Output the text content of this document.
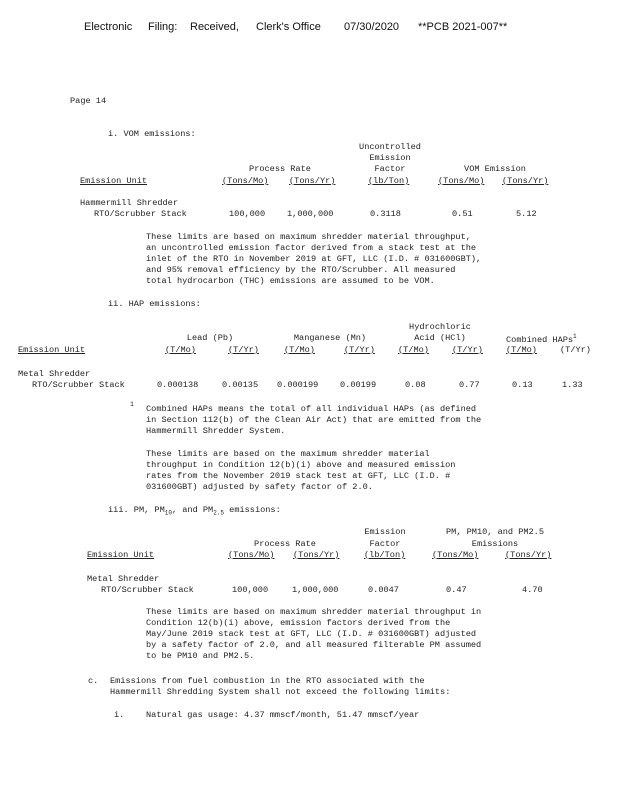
Electronic Filing: Received, Clerk's Office 07/30/2020 **PCB 2021-007**
Page 14
i. VOM emissions:
Uncontrolled
Emission
Process Rate	Factor	VOM Emission
Emission Unit	(Tons/Mo) (Tons/Yr)	(lb/Ton)	(Tons/Mo) (Tons/Yr)
Hammermill Shredder
RTO/Scrubber Stack	100,000	1,000,000	0.3118	0.51	5.12
These limits are based on maximum shredder material throughput,
an uncontrolled emission factor derived from a stack test at the
inlet of the RTO in November 2019 at GFT, LLC (I.D. # 031600GBT),
and 95% removal efficiency by the RTO/Scrubber. All measured
total hydrocarbon (THC) emissions are assumed to be VOM.
ii. HAP emissions:
Hydrochloric
Lead (Pb)	Manganese (Mn)	Acid (HCl)	Combined HAPs$^1$
Emission Unit	(T/Mo)	(T/Yr)	(T/Mo)	(T/Yr)	(T/Mo)	(T/Yr)	(T/Mo)	(T/Yr)
Metal Shredder
RTO/Scrubber Stack	0.000138	0.00135 0.000199	0.00199	0.08	0.77	0.13	1.33
1 Combined HAPs means the total of all individual HAPs (as defined
in Section 112(b) of the Clean Air Act) that are emitted from the
Hammermill Shredder System.
These limits are based on the maximum shredder material
throughput in Condition 12(b)(i) above and measured emission
rates from the November 2019 stack test at GFT, LLC (I.D. #
031600GBT) adjusted by safety factor of 2.0.
iii. PM, $PM_{10}$, and $PM_{2.5}$ emissions:
Emission	PM, PM10, and PM2.5
Process Rate	Factor	Emissions
Emission Unit	(Tons/Mo) (Tons/Yr)	(lb/Ton)	(Tons/Mo)	(Tons/Yr)
Metal Shredder
RTO/Scrubber Stack	100,000	1,000,000	0.0047	0.47	4.70
These limits are based on maximum shredder material throughput in
Condition 12(b)(i) above, emission factors derived from the
May/June 2019 stack test at GFT, LLC (I.D. # 031600GBT) adjusted
by a safety factor of 2.0, and all measured filterable PM assumed
to be PM10 and PM2.5.
c. Emissions from fuel combustion in the RTO associated with the
Hammermill Shredding System shall not exceed the following limits:
i.	Natural gas usage: 4.37 mmscf/month, 51.47 mmscf/year
